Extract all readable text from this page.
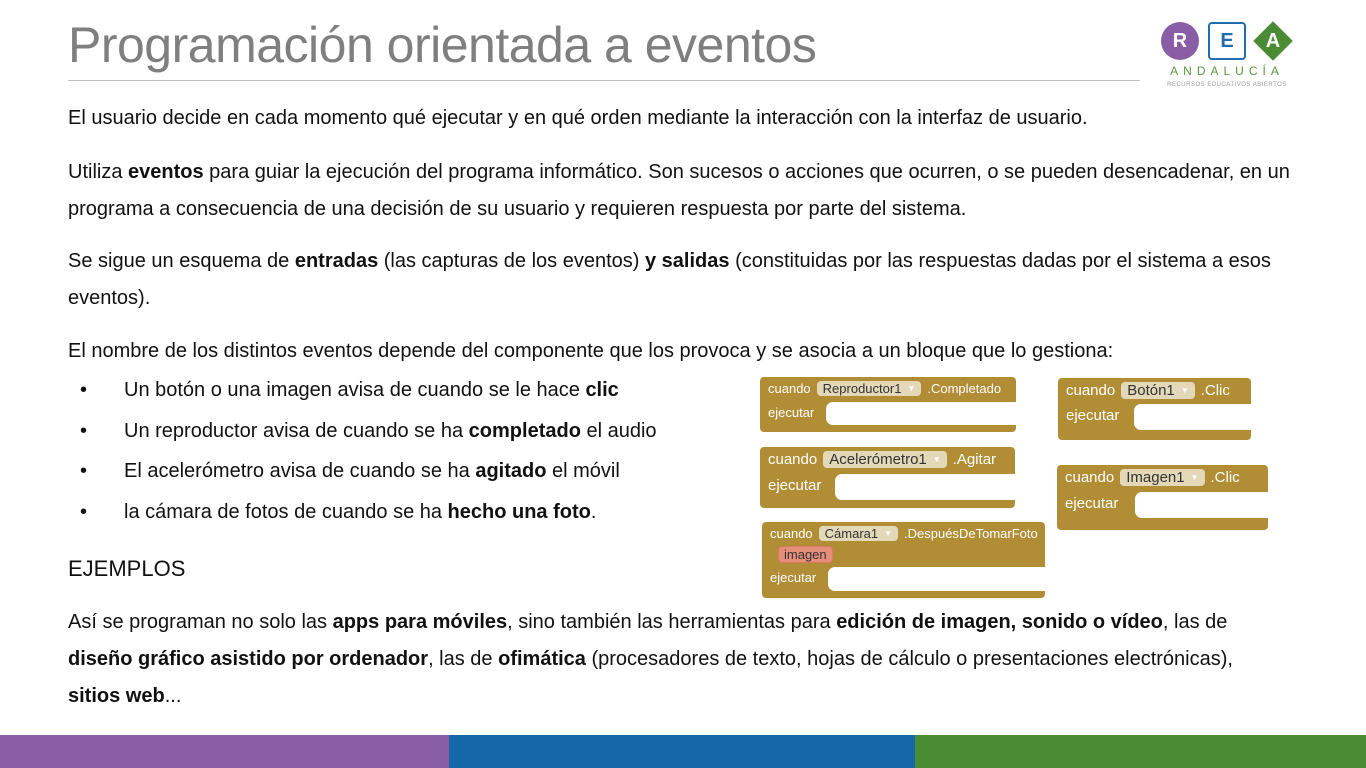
Programación orientada a eventos	R	E	A
ANDALUCÍA
RECURSOS EDUCATIVOS ABIERTOS
El usuario decide en cada momento qué ejecutar y en qué orden mediante la interacción con la interfaz de usuario.
Utiliza eventos para guiar la ejecución del programa informático. Son sucesos o acciones que ocurren, o se pueden desencadenar, en un programa a consecuencia de una decisión de su usuario y requieren respuesta por parte del sistema.
Se sigue un esquema de entradas (las capturas de los eventos) y salidas (constituidas por las respuestas dadas por el sistema a esos eventos).
El nombre de los distintos eventos depende del componente que los provoca y se asocia a un bloque que lo gestiona:
• Un botón o una imagen avisa de cuando se le hace clic
• Un reproductor avisa de cuando se ha completado el audio
• El acelerómetro avisa de cuando se ha agitado el móvil
• la cámara de fotos de cuando se ha hecho una foto.
EJEMPLOS
Así se programan no solo las apps para móviles, sino también las herramientas para edición de imagen, sonido o vídeo, las de diseño gráfico asistido por ordenador, las de ofimática (procesadores de texto, hojas de cálculo o presentaciones electrónicas), sitios web...
cuando Reproductor1 ▼ .Completado
ejecutar
cuando Acelerómetro1 ▼ .Agitar
ejecutar
cuando Cámara1 ▼ .DespuésDeTomarFoto
imagen
ejecutar
cuando Botón1 ▼ .Clic
ejecutar
cuando Imagen1 ▼ .Clic
ejecutar
